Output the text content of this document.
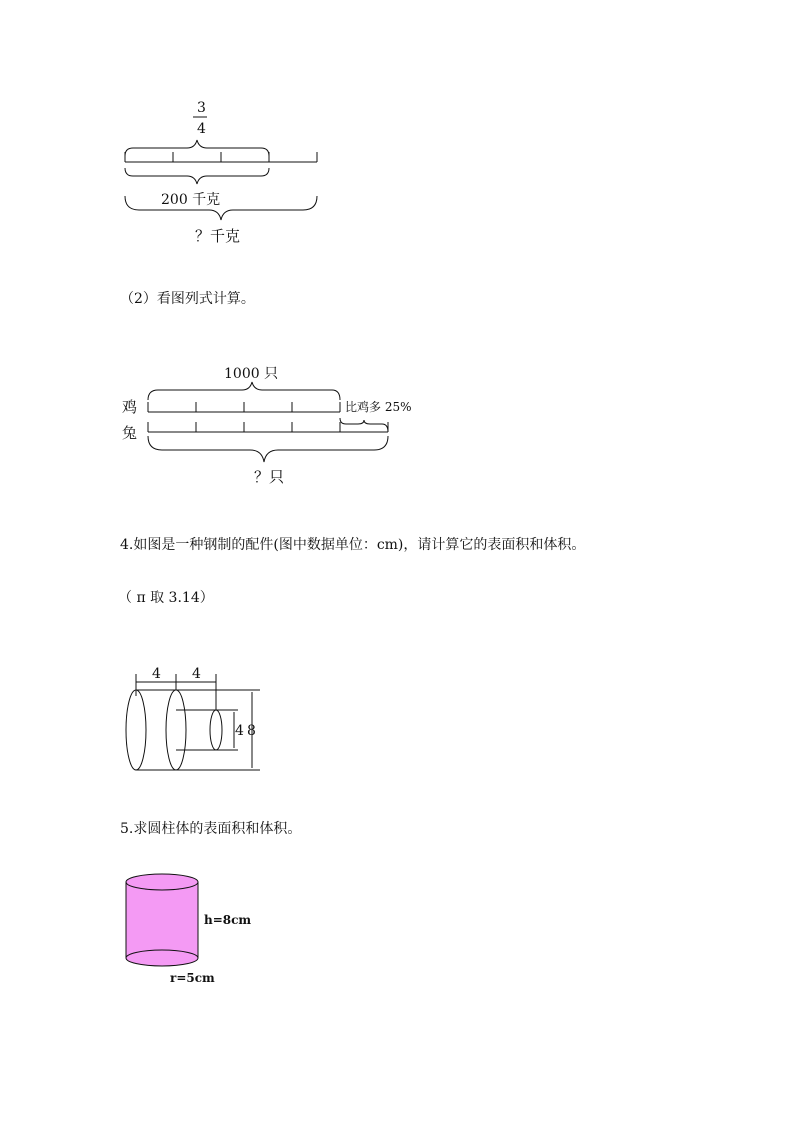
3
4
200 千克
？千克
（2）看图列式计算。
1000 只
鸡	比鸡多 25%
兔
？只
4.如图是一种钢制的配件(图中数据单位：cm)，请计算它的表面积和体积。
（ π 取 3.14）
4 4
4 8
5.求圆柱体的表面积和体积。
h=8cm
r=5cm
